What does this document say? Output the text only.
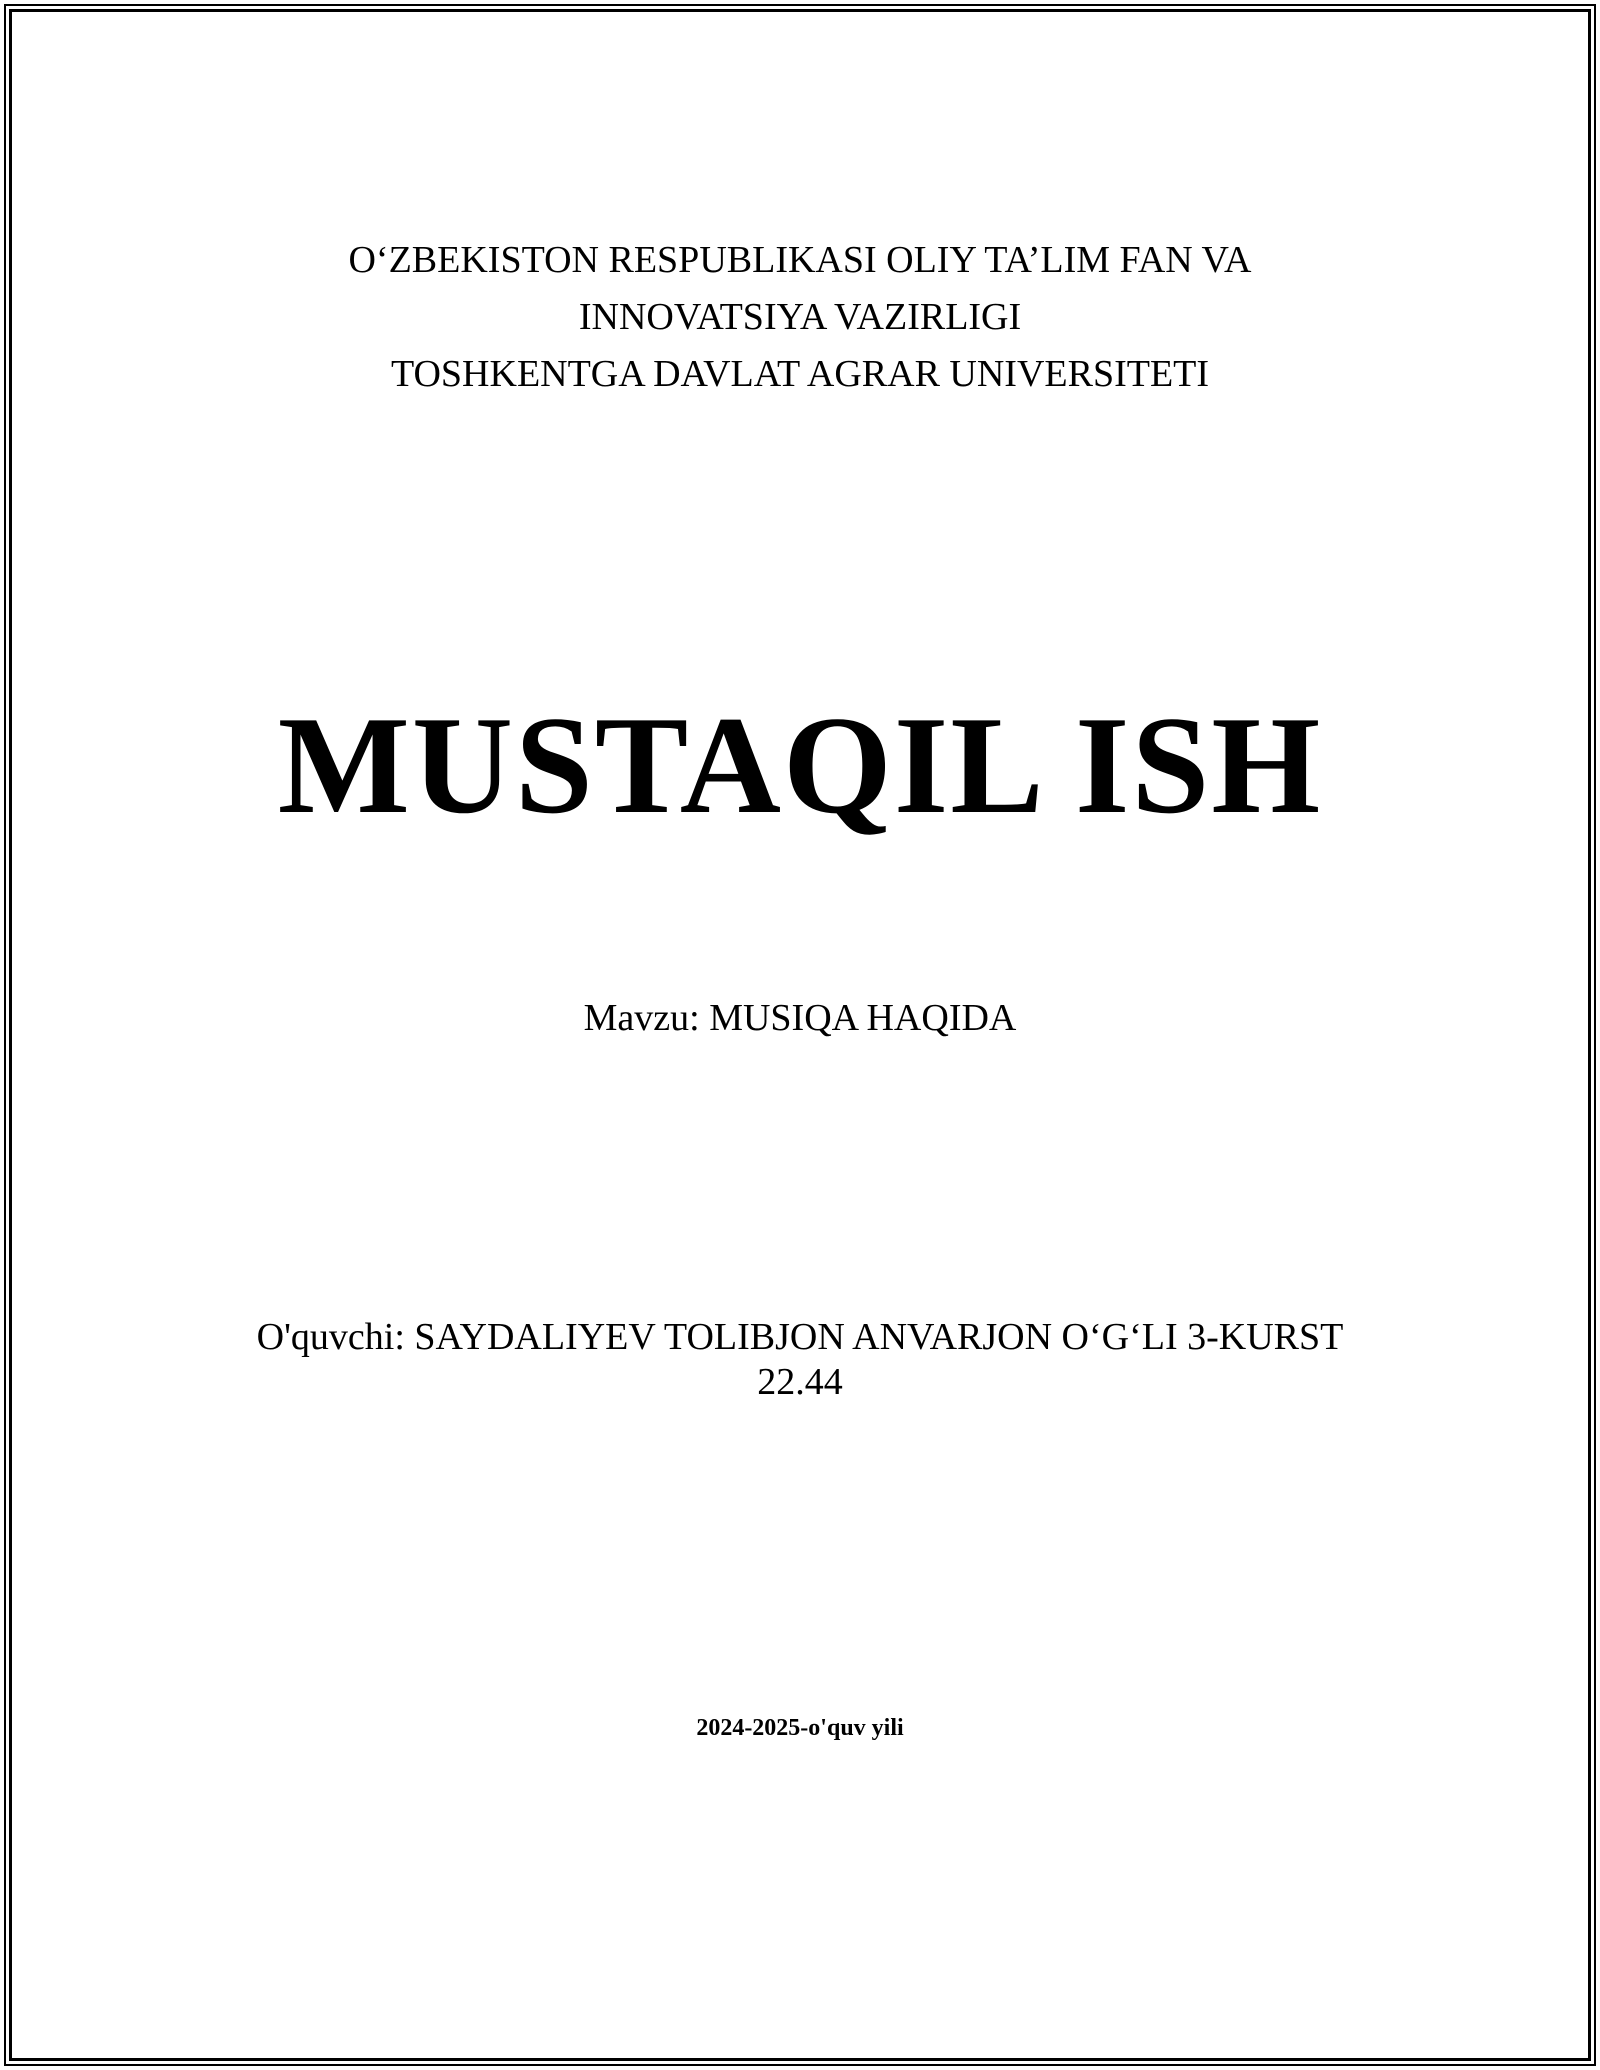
O‘ZBEKISTON RESPUBLIKASI OLIY TA’LIM FAN VA
INNOVATSIYA VAZIRLIGI
TOSHKENTGA DAVLAT AGRAR UNIVERSITETI
MUSTAQIL ISH
Mavzu: MUSIQA HAQIDA
O'quvchi: SAYDALIYEV TOLIBJON ANVARJON O‘G‘LI 3-KURST
22.44
2024-2025-o'quv yili
